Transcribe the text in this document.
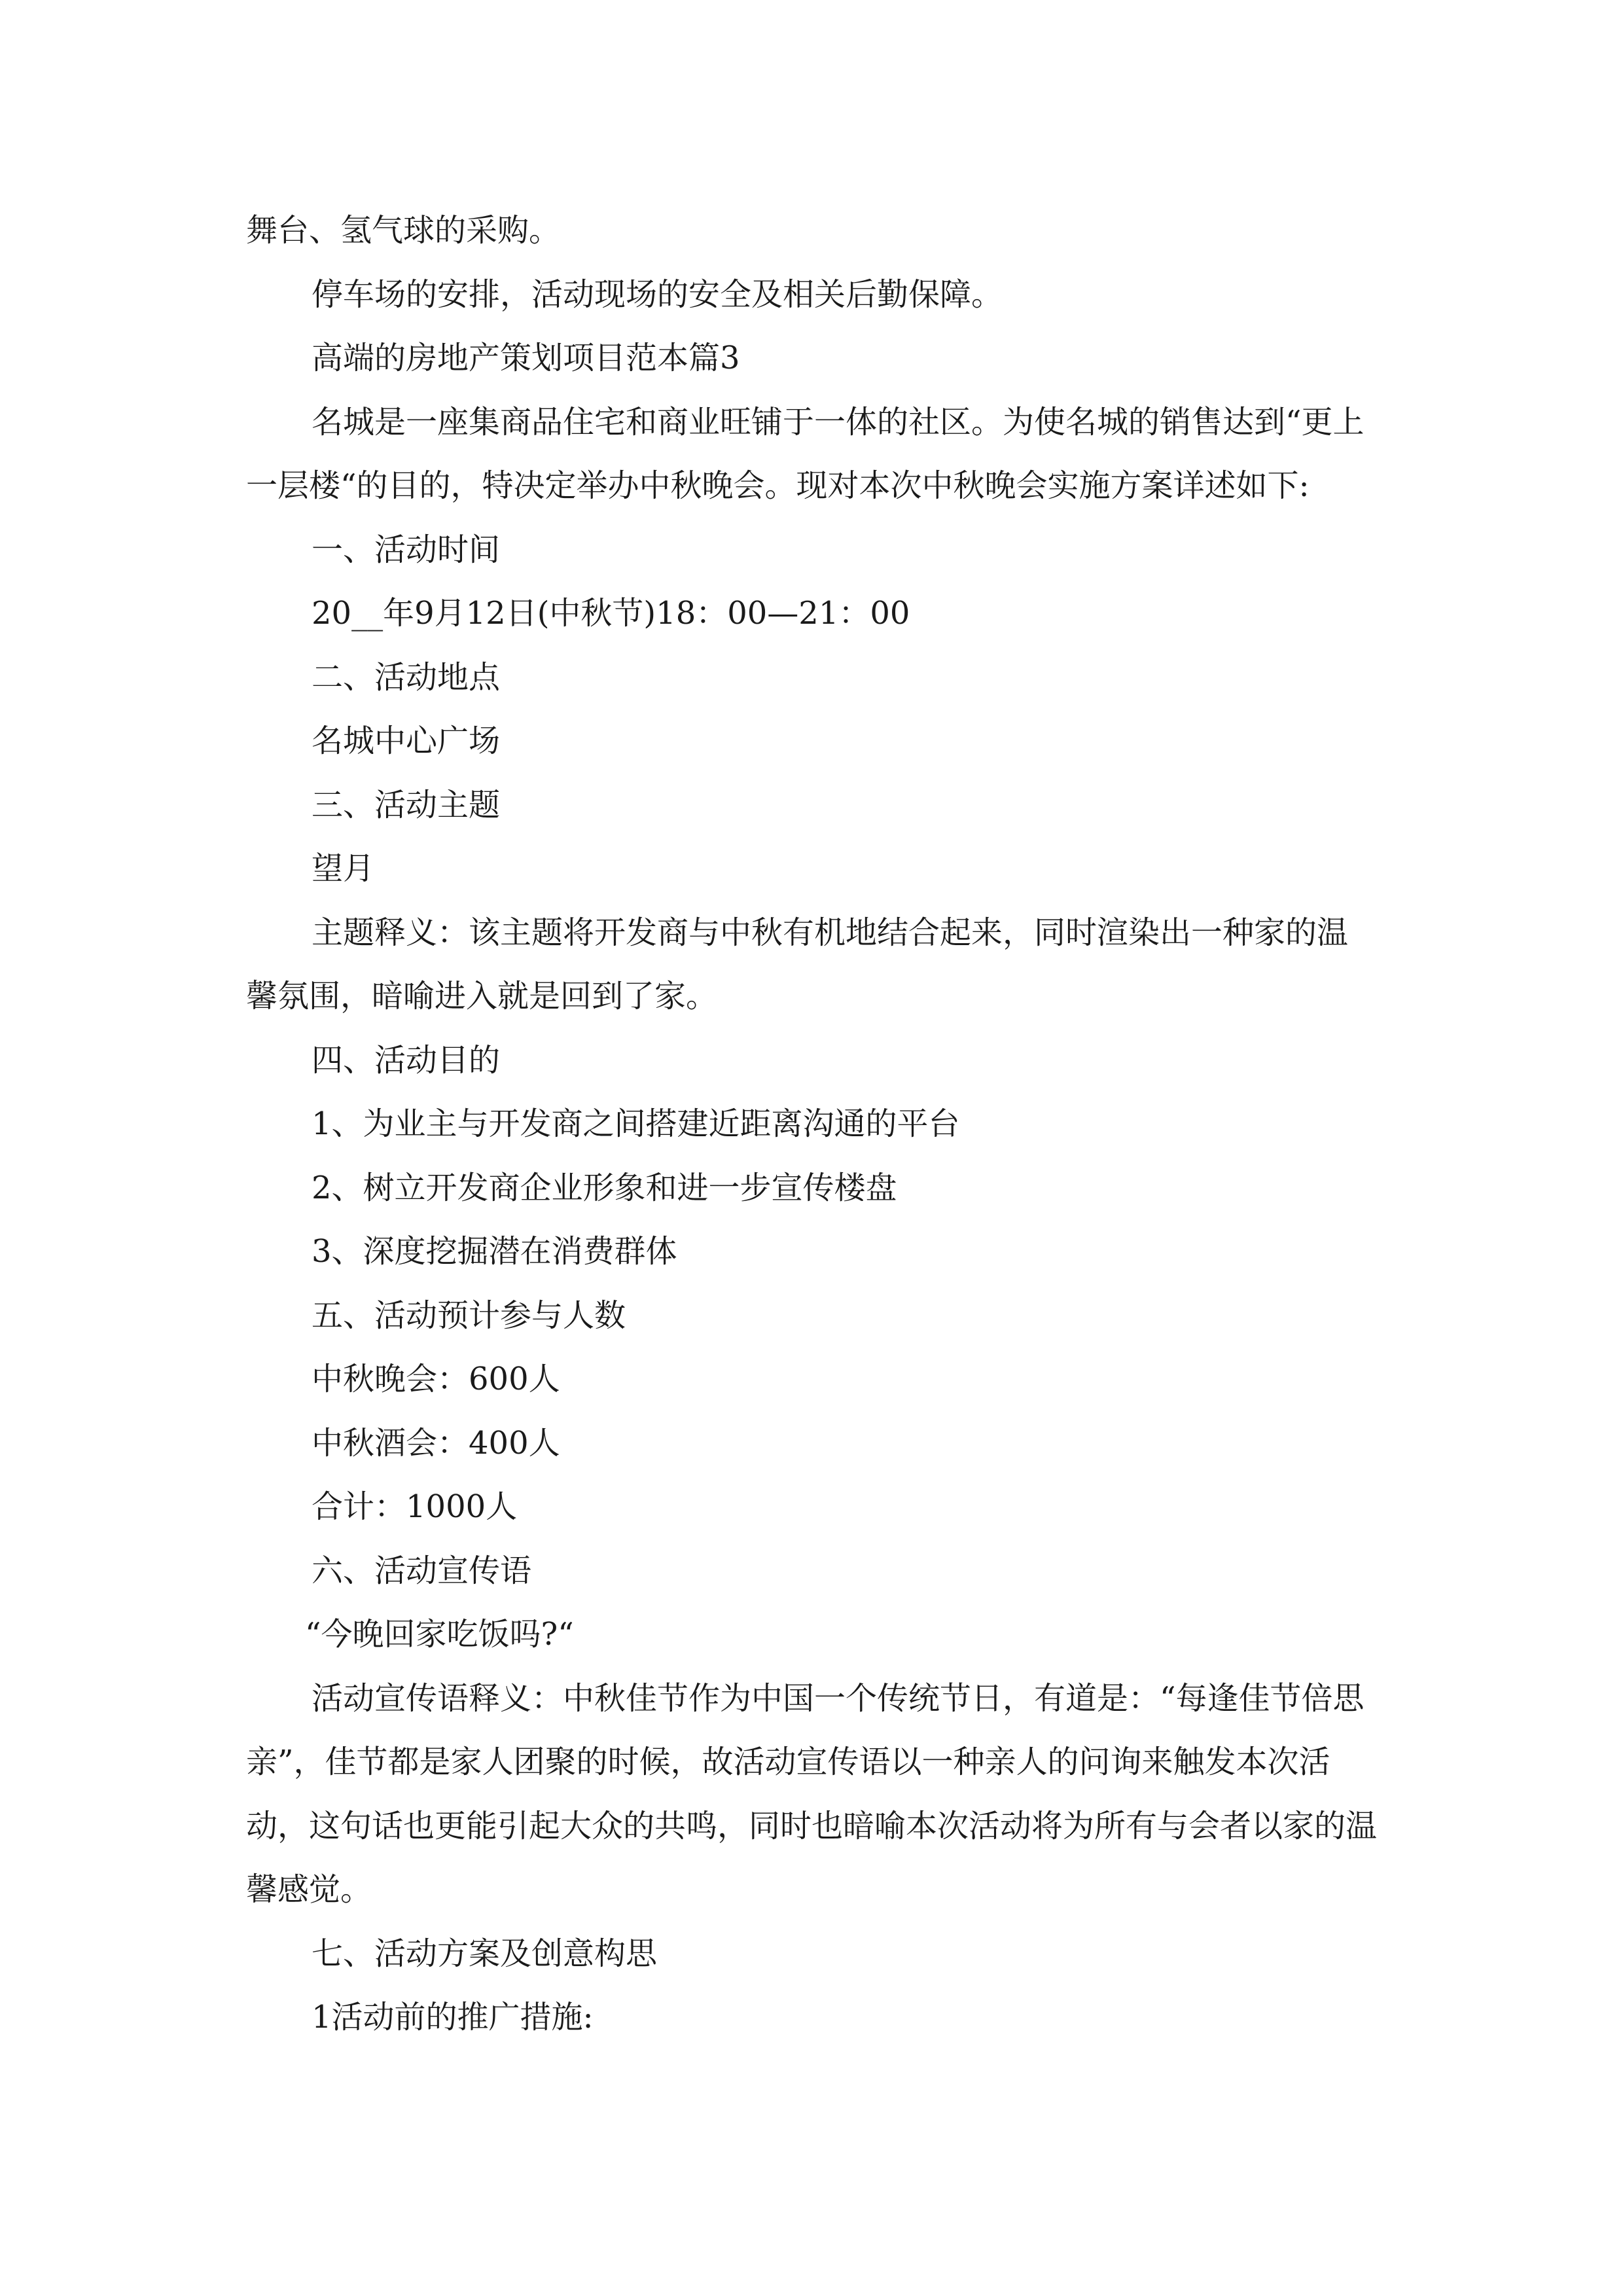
舞台、氢气球的采购。

停车场的安排，活动现场的安全及相关后勤保障。

高端的房地产策划项目范本篇3

名城是一座集商品住宅和商业旺铺于一体的社区。为使名城的销售达到“更上一层楼“的目的，特决定举办中秋晚会。现对本次中秋晚会实施方案详述如下:

一、活动时间

20__年9月12日(中秋节)18：00—21：00

二、活动地点

名城中心广场

三、活动主题

望月

主题释义：该主题将开发商与中秋有机地结合起来，同时渲染出一种家的温馨氛围，暗喻进入就是回到了家。

四、活动目的

1、为业主与开发商之间搭建近距离沟通的平台

2、树立开发商企业形象和进一步宣传楼盘

3、深度挖掘潜在消费群体

五、活动预计参与人数

中秋晚会：600人

中秋酒会：400人

合计：1000人

六、活动宣传语

“今晚回家吃饭吗?“

活动宣传语释义：中秋佳节作为中国一个传统节日，有道是：“每逢佳节倍思亲”，佳节都是家人团聚的时候，故活动宣传语以一种亲人的问询来触发本次活动，这句话也更能引起大众的共鸣，同时也暗喻本次活动将为所有与会者以家的温馨感觉。

七、活动方案及创意构思

1活动前的推广措施:
